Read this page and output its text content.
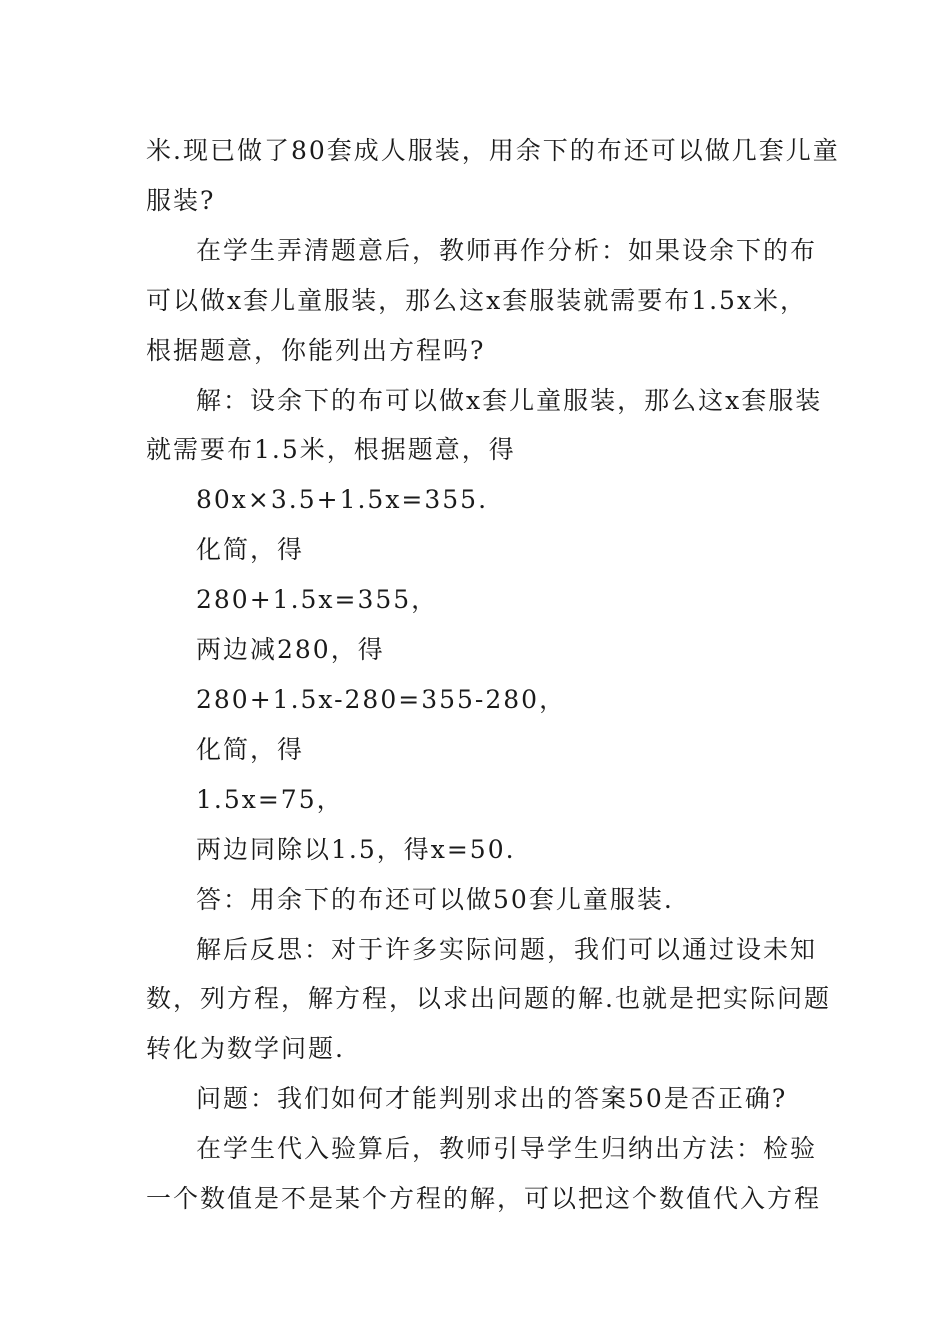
米.现已做了80套成人服装，用余下的布还可以做几套儿童
服装?
在学生弄清题意后，教师再作分析：如果设余下的布
可以做x套儿童服装，那么这x套服装就需要布1.5x米，
根据题意，你能列出方程吗?
解：设余下的布可以做x套儿童服装，那么这x套服装
就需要布1.5米，根据题意，得
80x×3.5+1.5x=355.
化简，得
280+1.5x=355，
两边减280，得
280+1.5x-280=355-280，
化简，得
1.5x=75，
两边同除以1.5，得x=50.
答：用余下的布还可以做50套儿童服装.
解后反思：对于许多实际问题，我们可以通过设未知
数，列方程，解方程，以求出问题的解.也就是把实际问题
转化为数学问题.
问题：我们如何才能判别求出的答案50是否正确?
在学生代入验算后，教师引导学生归纳出方法：检验
一个数值是不是某个方程的解，可以把这个数值代入方程
